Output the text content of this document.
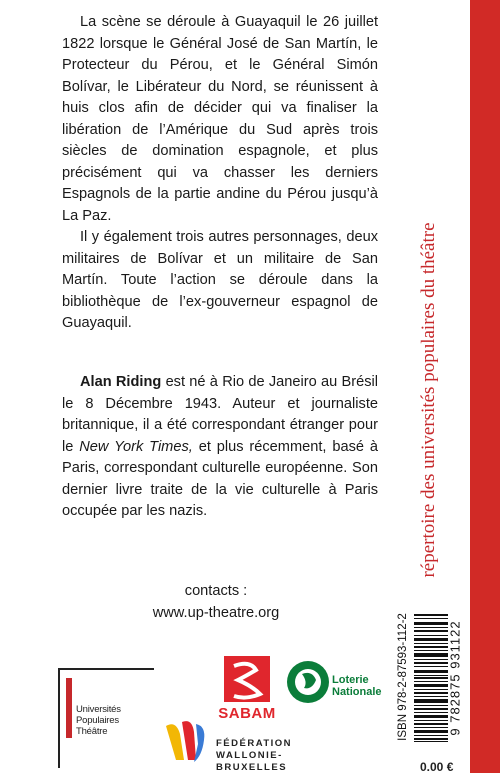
La scène se déroule à Guayaquil le 26 juillet 1822 lorsque le Général José de San Martín, le Protecteur du Pérou, et le Général Simón Bolívar, le Libérateur du Nord, se réunissent à huis clos afin de décider qui va finaliser la libération de l’Amérique du Sud après trois siècles de domination espagnole, et plus précisément qui va chasser les derniers Espagnols de la partie andine du Pérou jusqu’à La Paz.

Il y également trois autres personnages, deux militaires de Bolívar et un militaire de San Martín. Toute l’action se déroule dans la bibliothèque de l’ex-gouverneur espagnol de Guayaquil.

Alan Riding est né à Rio de Janeiro au Brésil le 8 Décembre 1943. Auteur et journaliste britannique, il a été correspondant étranger pour le New York Times, et plus récemment, basé à Paris, correspondant culturelle européenne. Son dernier livre traite de la vie culturelle à Paris occupée par les nazis.

contacts :
www.up-theatre.org
répertoire des universités populaires du théâtre
ISBN 978-2-87593-112-2	9 782875 931122
0.00 €
Universités
Populaires
Théâtre
SABAM
FÉDÉRATION
WALLONIE-BRUXELLES
Loterie
Nationale
